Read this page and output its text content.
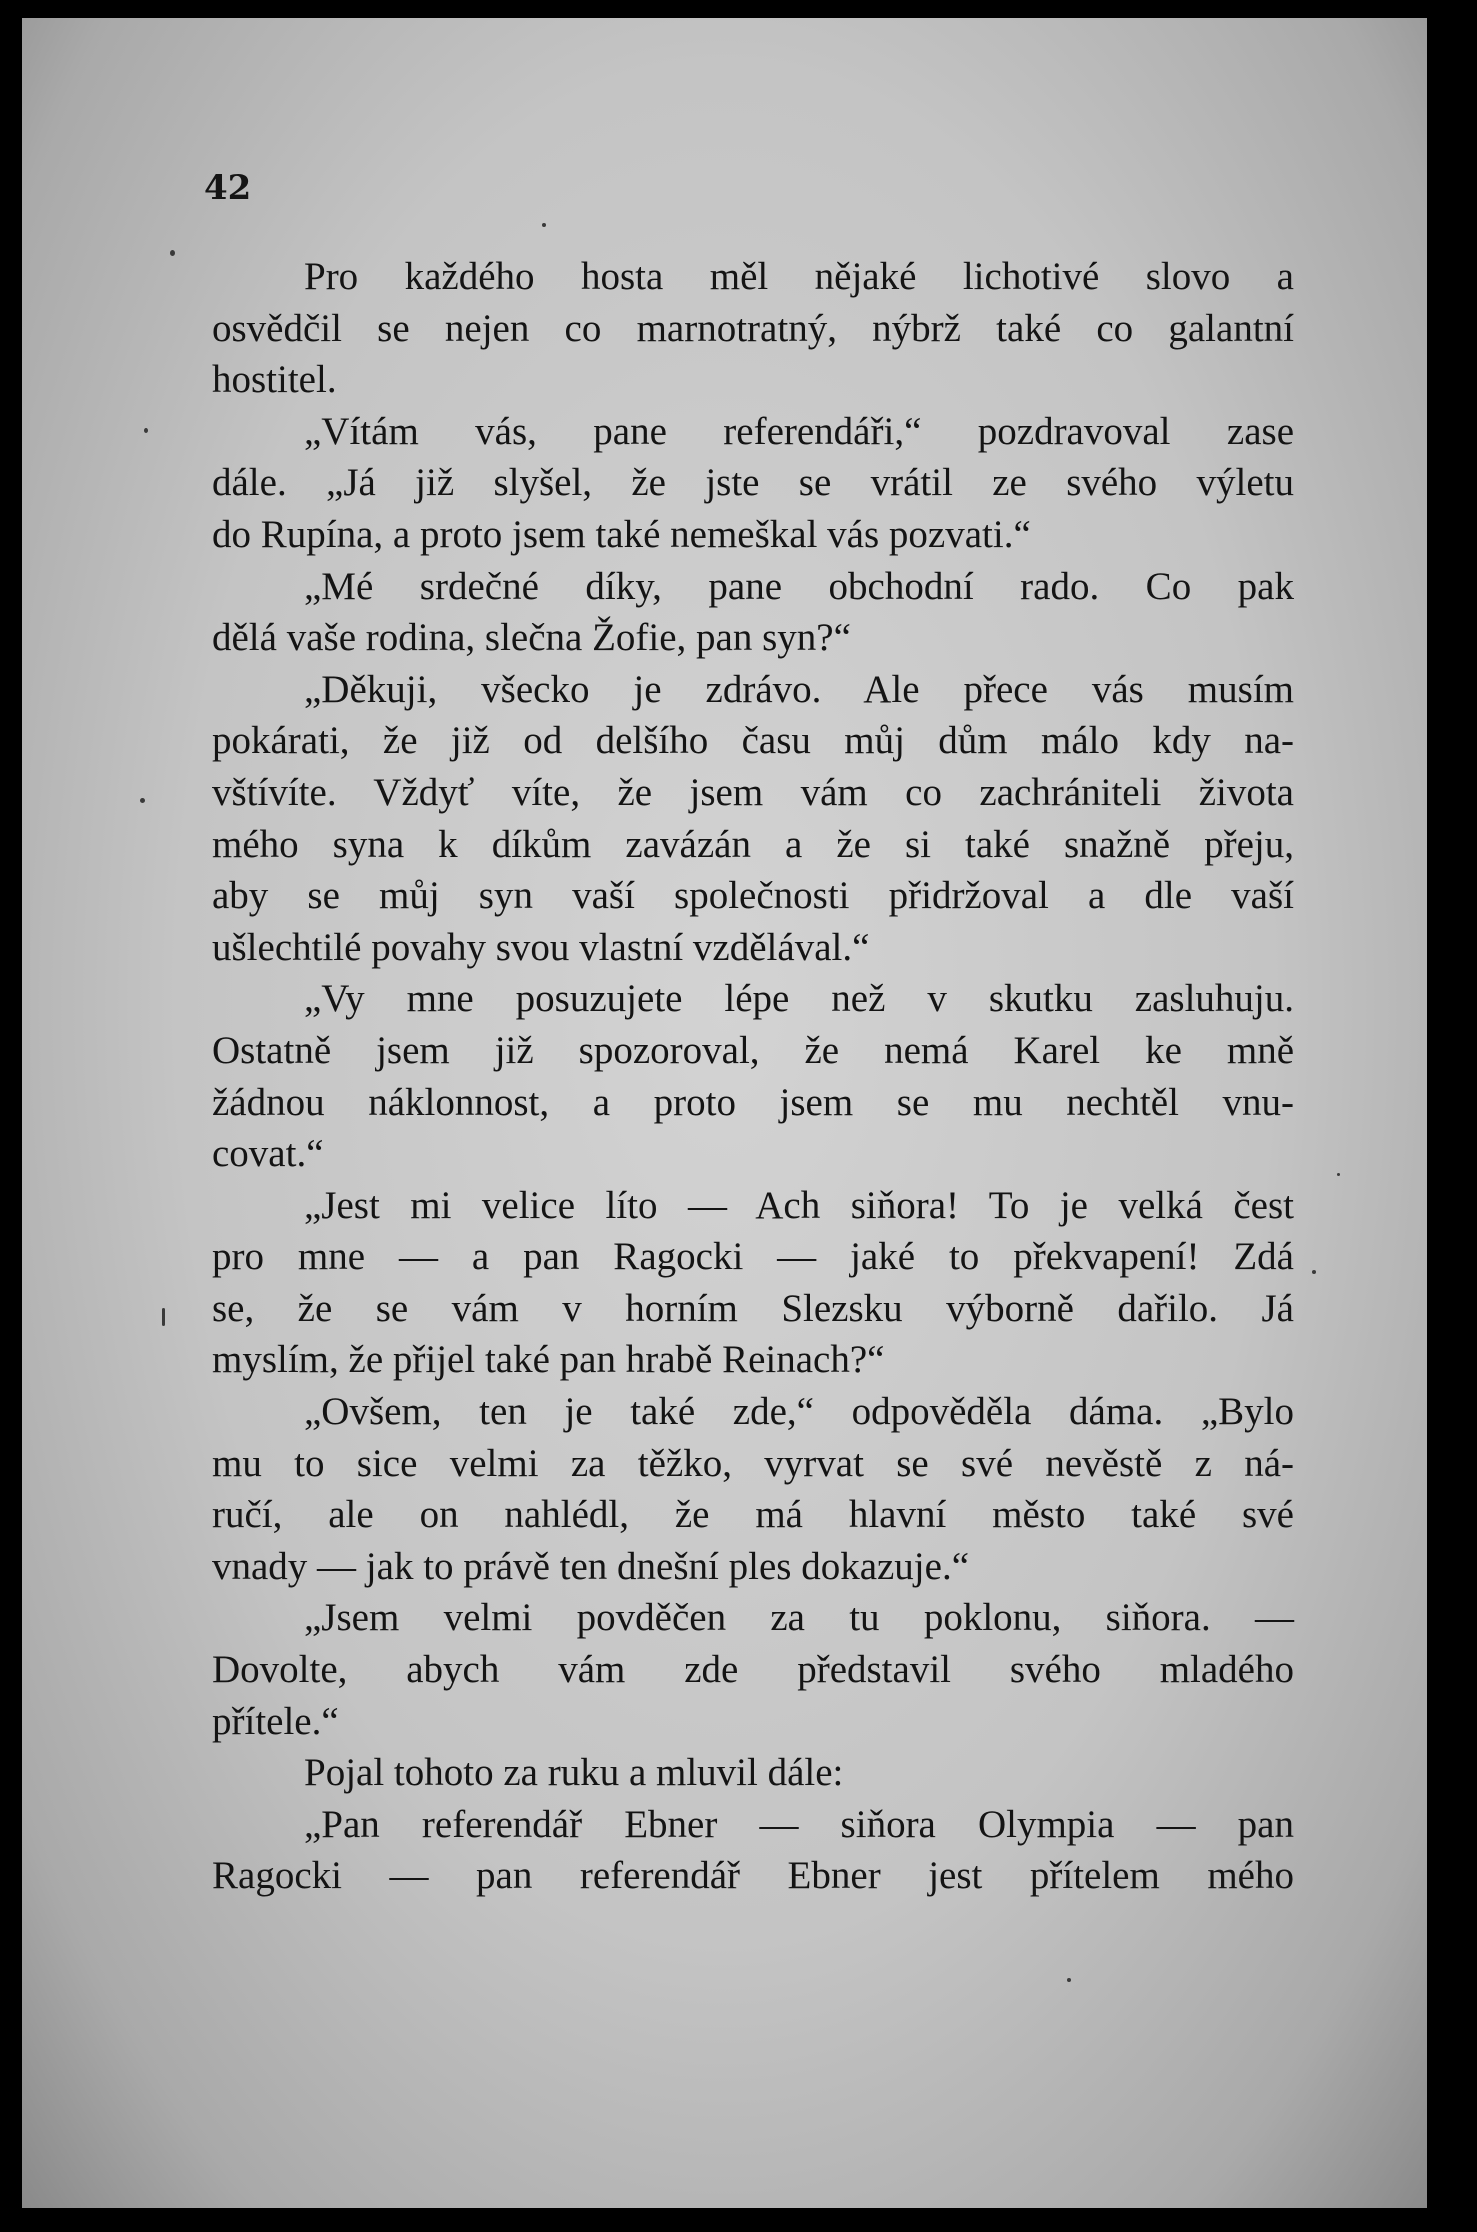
42

Pro každého hosta měl nějaké lichotivé slovo a
osvědčil se nejen co marnotratný, nýbrž také co galantní
hostitel.
„Vítám vás, pane referendáři,“ pozdravoval zase
dále. „Já již slyšel, že jste se vrátil ze svého výletu
do Rupína, a proto jsem také nemeškal vás pozvati.“
„Mé srdečné díky, pane obchodní rado. Co pak
dělá vaše rodina, slečna Žofie, pan syn?“
„Děkuji, všecko je zdrávo. Ale přece vás musím
pokárati, že již od delšího času můj dům málo kdy na-
vštívíte. Vždyť víte, že jsem vám co zachrániteli života
mého syna k díkům zavázán a že si také snažně přeju,
aby se můj syn vaší společnosti přidržoval a dle vaší
ušlechtilé povahy svou vlastní vzdělával.“
„Vy mne posuzujete lépe než v skutku zasluhuju.
Ostatně jsem již spozoroval, že nemá Karel ke mně
žádnou náklonnost, a proto jsem se mu nechtěl vnu-
covat.“
„Jest mi velice líto — Ach siňora! To je velká čest
pro mne — a pan Ragocki — jaké to překvapení! Zdá
se, že se vám v horním Slezsku výborně dařilo. Já
myslím, že přijel také pan hrabě Reinach?“
„Ovšem, ten je také zde,“ odpověděla dáma. „Bylo
mu to sice velmi za těžko, vyrvat se své nevěstě z ná-
ručí, ale on nahlédl, že má hlavní město také své
vnady — jak to právě ten dnešní ples dokazuje.“
„Jsem velmi povděčen za tu poklonu, siňora. —
Dovolte, abych vám zde představil svého mladého
přítele.“
Pojal tohoto za ruku a mluvil dále:
„Pan referendář Ebner — siňora Olympia — pan
Ragocki — pan referendář Ebner jest přítelem mého
